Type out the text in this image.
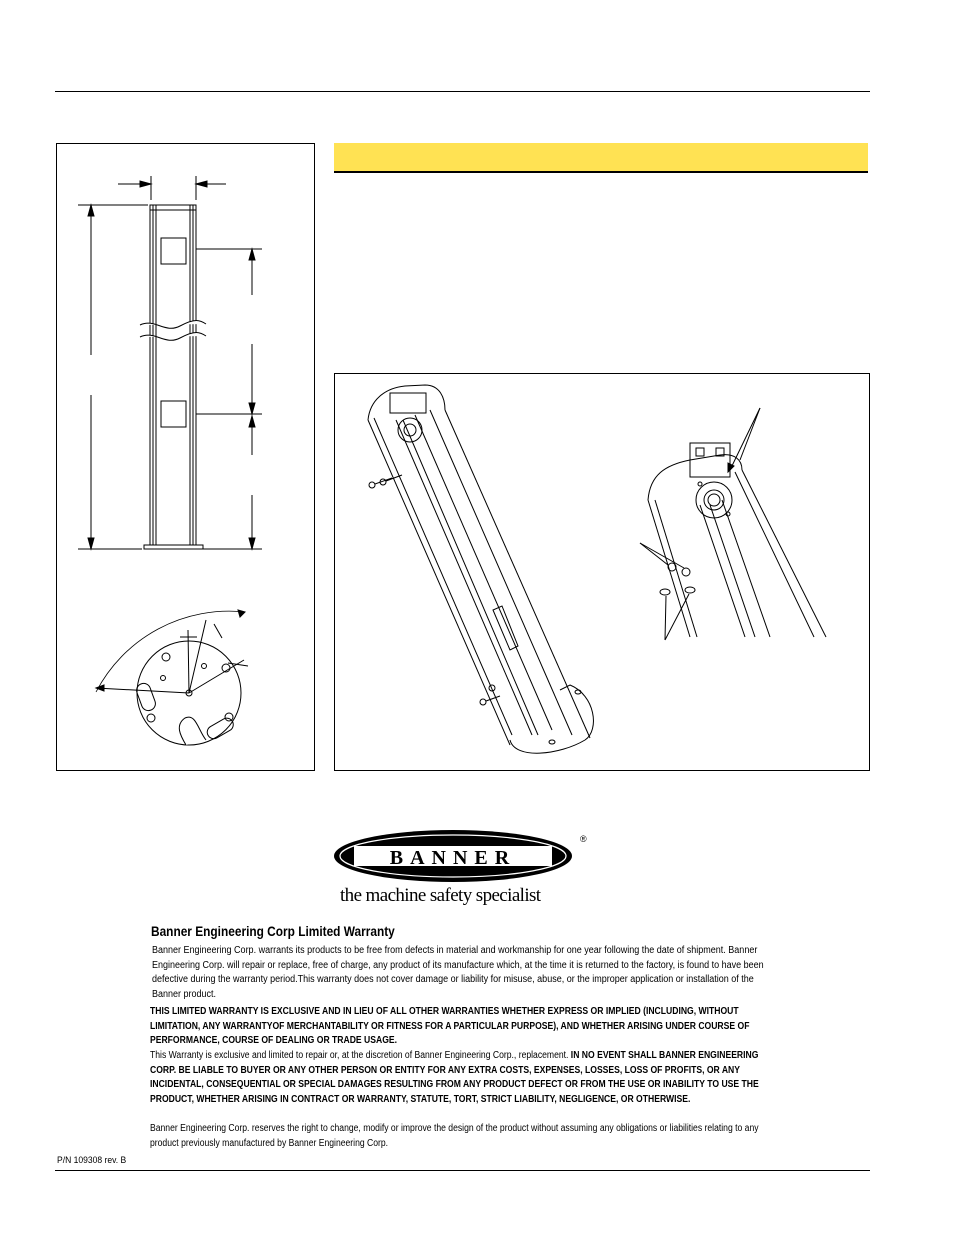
BANNER
®
the machine safety specialist
Banner Engineering Corp Limited Warranty
Banner Engineering Corp. warrants its products to be free from defects in material and workmanship for one year following the date of shipment. Banner Engineering Corp. will repair or replace, free of charge, any product of its manufacture which, at the time it is returned to the factory, is found to have been defective during the warranty period.This warranty does not cover damage or liability for misuse, abuse, or the improper application or installation of the Banner product.
THIS LIMITED WARRANTY IS EXCLUSIVE AND IN LIEU OF ALL OTHER WARRANTIES WHETHER EXPRESS OR IMPLIED (INCLUDING, WITHOUT LIMITATION, ANY WARRANTYOF MERCHANTABILITY OR FITNESS FOR A PARTICULAR PURPOSE), AND WHETHER ARISING UNDER COURSE OF PERFORMANCE, COURSE OF DEALING OR TRADE USAGE.
This Warranty is exclusive and limited to repair or, at the discretion of Banner Engineering Corp., replacement. IN NO EVENT SHALL BANNER ENGINEERING CORP. BE LIABLE TO BUYER OR ANY OTHER PERSON OR ENTITY FOR ANY EXTRA COSTS, EXPENSES, LOSSES, LOSS OF PROFITS, OR ANY INCIDENTAL, CONSEQUENTIAL OR SPECIAL DAMAGES RESULTING FROM ANY PRODUCT DEFECT OR FROM THE USE OR INABILITY TO USE THE PRODUCT, WHETHER ARISING IN CONTRACT OR WARRANTY, STATUTE, TORT, STRICT LIABILITY, NEGLIGENCE, OR OTHERWISE.
Banner Engineering Corp. reserves the right to change, modify or improve the design of the product without assuming any obligations or liabilities relating to any product previously manufactured by Banner Engineering Corp.
P/N 109308 rev. B
